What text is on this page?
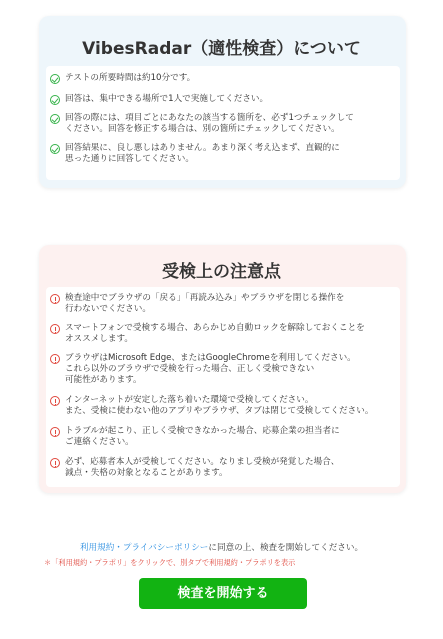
VibesRadar（適性検査）について
テストの所要時間は約10分です。
回答は、集中できる場所で1人で実施してください。
回答の際には、項目ごとにあなたの該当する箇所を、必ず1つチェックして
ください。回答を修正する場合は、別の箇所にチェックしてください。
回答結果に、良し悪しはありません。あまり深く考え込まず、直観的に
思った通りに回答してください。
受検上の注意点
検査途中でブラウザの「戻る」「再読み込み」やブラウザを閉じる操作を
行わないでください。
スマートフォンで受検する場合、あらかじめ自動ロックを解除しておくことを
オススメします。
ブラウザはMicrosoft Edge、またはGoogleChromeを利用してください。
これら以外のブラウザで受検を行った場合、正しく受検できない
可能性があります。
インターネットが安定した落ち着いた環境で受検してください。
また、受検に使わない他のアプリやブラウザ、タブは閉じて受検してください。
トラブルが起こり、正しく受検できなかった場合、応募企業の担当者に
ご連絡ください。
必ず、応募者本人が受検してください。なりまし受検が発覚した場合、
減点・失格の対象となることがあります。
利用規約・プライバシーポリシーに同意の上、検査を開始してください。
＊「利用規約・プラポリ」をクリックで、別タブで利用規約・プラポリを表示
検査を開始する
